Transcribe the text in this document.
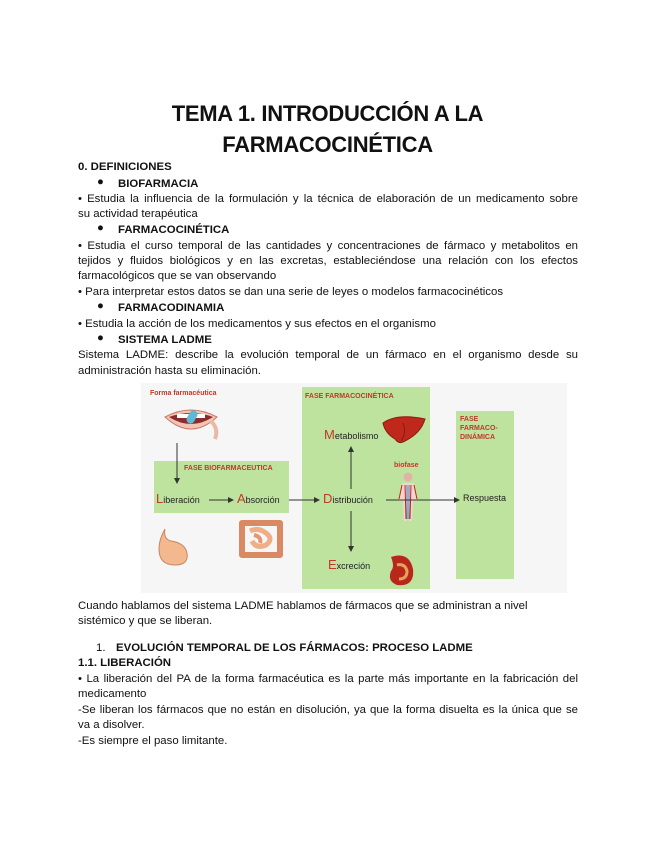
TEMA 1. INTRODUCCIÓN A LA
FARMACOCINÉTICA
0. DEFINICIONES
● BIOFARMACIA
• Estudia la influencia de la formulación y la técnica de elaboración de un medicamento sobre
su actividad terapéutica
● FARMACOCINÉTICA
• Estudia el curso temporal de las cantidades y concentraciones de fármaco y metabolitos en
tejidos y fluidos biológicos y en las excretas, estableciéndose una relación con los efectos
farmacológicos que se van observando
• Para interpretar estos datos se dan una serie de leyes o modelos farmacocinéticos
● FARMACODINAMIA
• Estudia la acción de los medicamentos y sus efectos en el organismo
● SISTEMA LADME
Sistema LADME: describe la evolución temporal de un fármaco en el organismo desde su
administración hasta su eliminación.
Forma farmacéutica
FASE BIOFARMACEUTICA
FASE FARMACOCINÉTICA
FASE
FARMACO-
DINÁMICA
biofase
Liberación	Absorción	Distribución
Metabolismo
Excreción
Respuesta
Cuando hablamos del sistema LADME hablamos de fármacos que se administran a nivel
sistémico y que se liberan.
1. EVOLUCIÓN TEMPORAL DE LOS FÁRMACOS: PROCESO LADME
1.1. LIBERACIÓN
• La liberación del PA de la forma farmacéutica es la parte más importante en la fabricación del
medicamento
-Se liberan los fármacos que no están en disolución, ya que la forma disuelta es la única que se
va a disolver.
-Es siempre el paso limitante.
